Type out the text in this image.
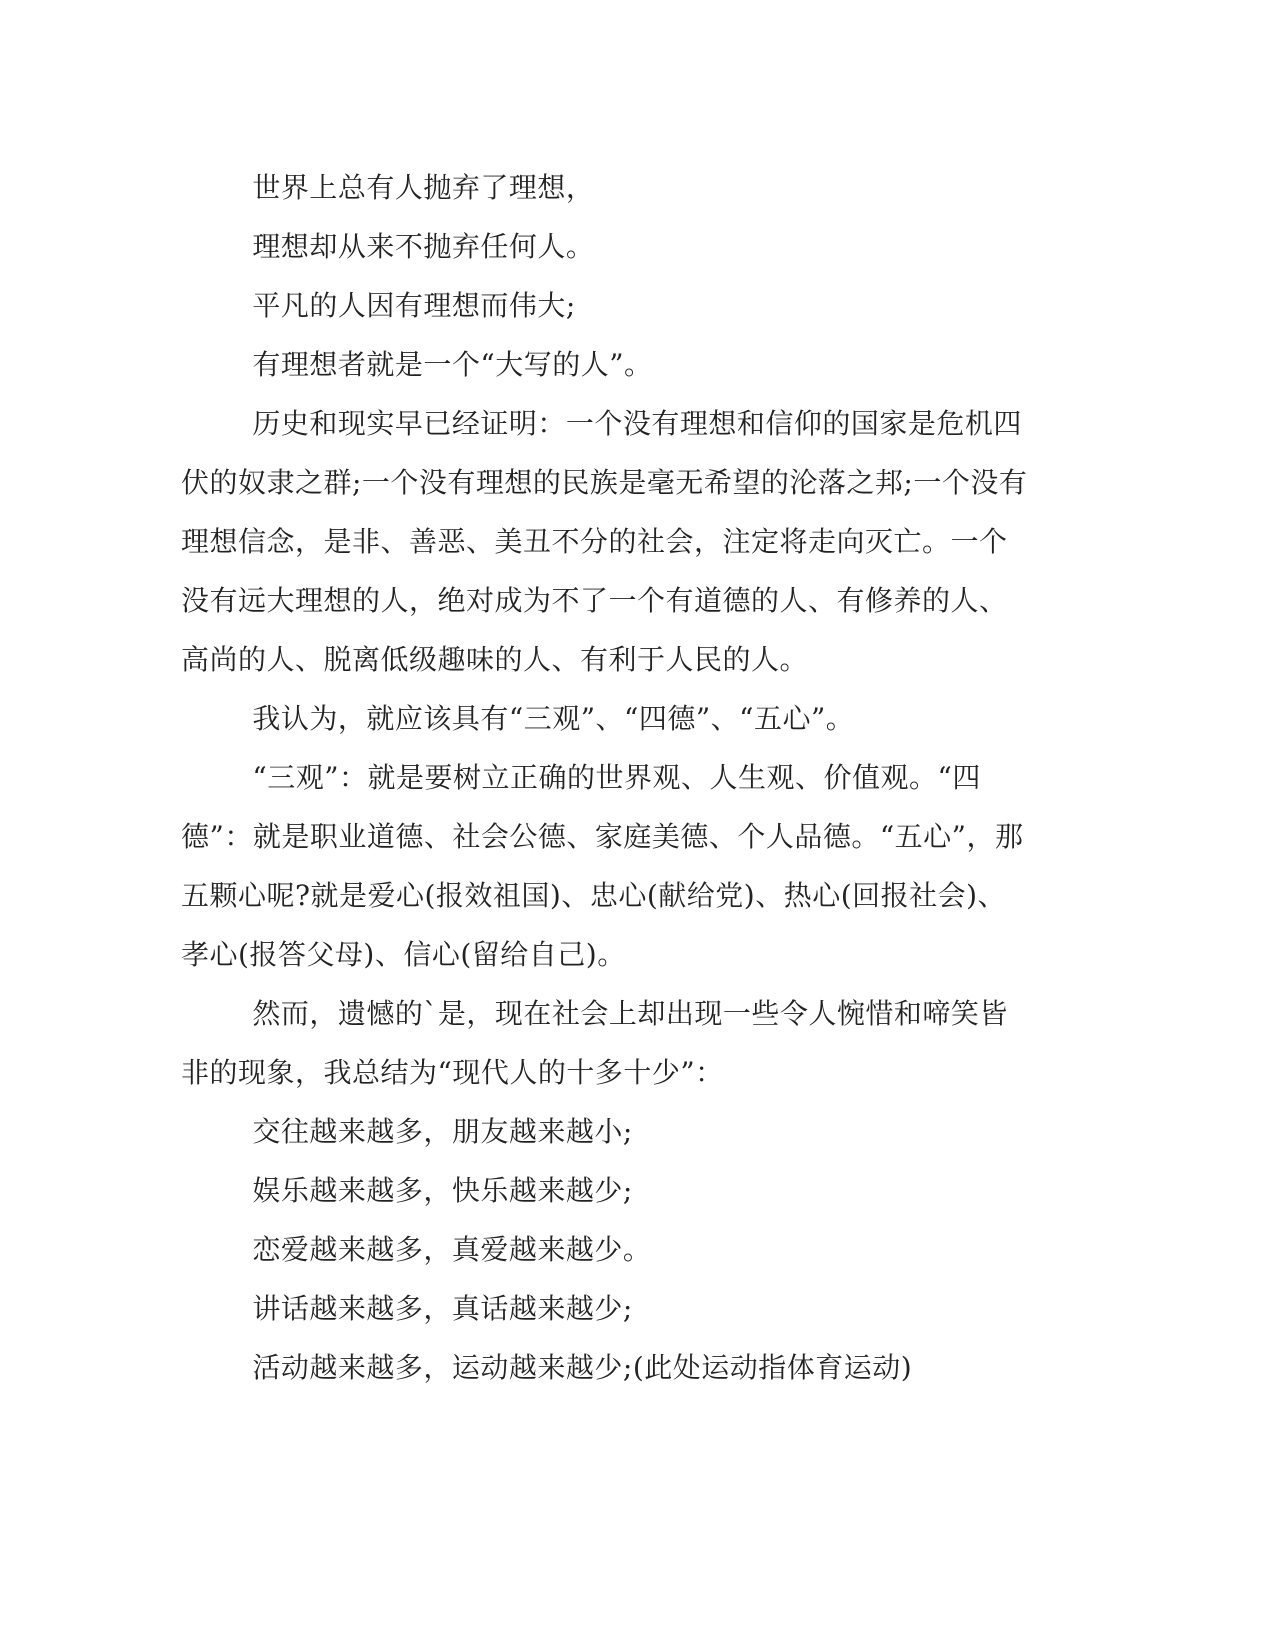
世界上总有人抛弃了理想，

理想却从来不抛弃任何人。

平凡的人因有理想而伟大;

有理想者就是一个“大写的人”。

历史和现实早已经证明：一个没有理想和信仰的国家是危机四伏的奴隶之群;一个没有理想的民族是毫无希望的沦落之邦;一个没有理想信念，是非、善恶、美丑不分的社会，注定将走向灭亡。一个没有远大理想的人，绝对成为不了一个有道德的人、有修养的人、高尚的人、脱离低级趣味的人、有利于人民的人。

我认为，就应该具有“三观”、“四德”、“五心”。

“三观”：就是要树立正确的世界观、人生观、价值观。“四德”：就是职业道德、社会公德、家庭美德、个人品德。“五心”，那五颗心呢?就是爱心(报效祖国)、忠心(献给党)、热心(回报社会)、孝心(报答父母)、信心(留给自己)。

然而，遗憾的`是，现在社会上却出现一些令人惋惜和啼笑皆非的现象，我总结为“现代人的十多十少”：

交往越来越多，朋友越来越小;

娱乐越来越多，快乐越来越少;

恋爱越来越多，真爱越来越少。

讲话越来越多，真话越来越少;

活动越来越多，运动越来越少;(此处运动指体育运动)
